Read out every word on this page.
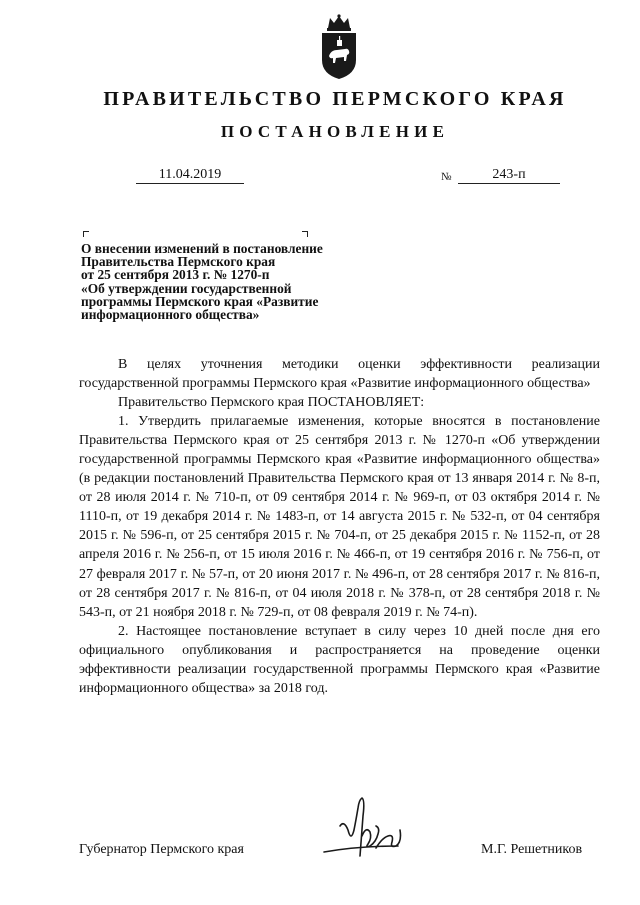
ПРАВИТЕЛЬСТВО ПЕРМСКОГО КРАЯ
ПОСТАНОВЛЕНИЕ
11.04.2019	№	243-п
О внесении изменений в постановление
Правительства Пермского края
от 25 сентября 2013 г. № 1270-п
«Об утверждении государственной
программы Пермского края «Развитие
информационного общества»

В целях уточнения методики оценки эффективности реализации государственной программы Пермского края «Развитие информационного общества»

Правительство Пермского края ПОСТАНОВЛЯЕТ:

1. Утвердить прилагаемые изменения, которые вносятся в постановление Правительства Пермского края от 25 сентября 2013 г. № 1270-п «Об утверждении государственной программы Пермского края «Развитие информационного общества» (в редакции постановлений Правительства Пермского края от 13 января 2014 г. № 8-п, от 28 июля 2014 г. № 710-п, от 09 сентября 2014 г. № 969-п, от 03 октября 2014 г. № 1110-п, от 19 декабря 2014 г. № 1483-п, от 14 августа 2015 г. № 532-п, от 04 сентября 2015 г. № 596-п, от 25 сентября 2015 г. № 704-п, от 25 декабря 2015 г. № 1152-п, от 28 апреля 2016 г. № 256-п, от 15 июля 2016 г. № 466-п, от 19 сентября 2016 г. № 756-п, от 27 февраля 2017 г. № 57-п, от 20 июня 2017 г. № 496-п, от 28 сентября 2017 г. № 816-п, от 28 сентября 2017 г. № 816-п, от 04 июля 2018 г. № 378-п, от 28 сентября 2018 г. № 543-п, от 21 ноября 2018 г. № 729-п, от 08 февраля 2019 г. № 74-п).

2. Настоящее постановление вступает в силу через 10 дней после дня его официального опубликования и распространяется на проведение оценки эффективности реализации государственной программы Пермского края «Развитие информационного общества» за 2018 год.

Губернатор Пермского края	М.Г. Решетников
